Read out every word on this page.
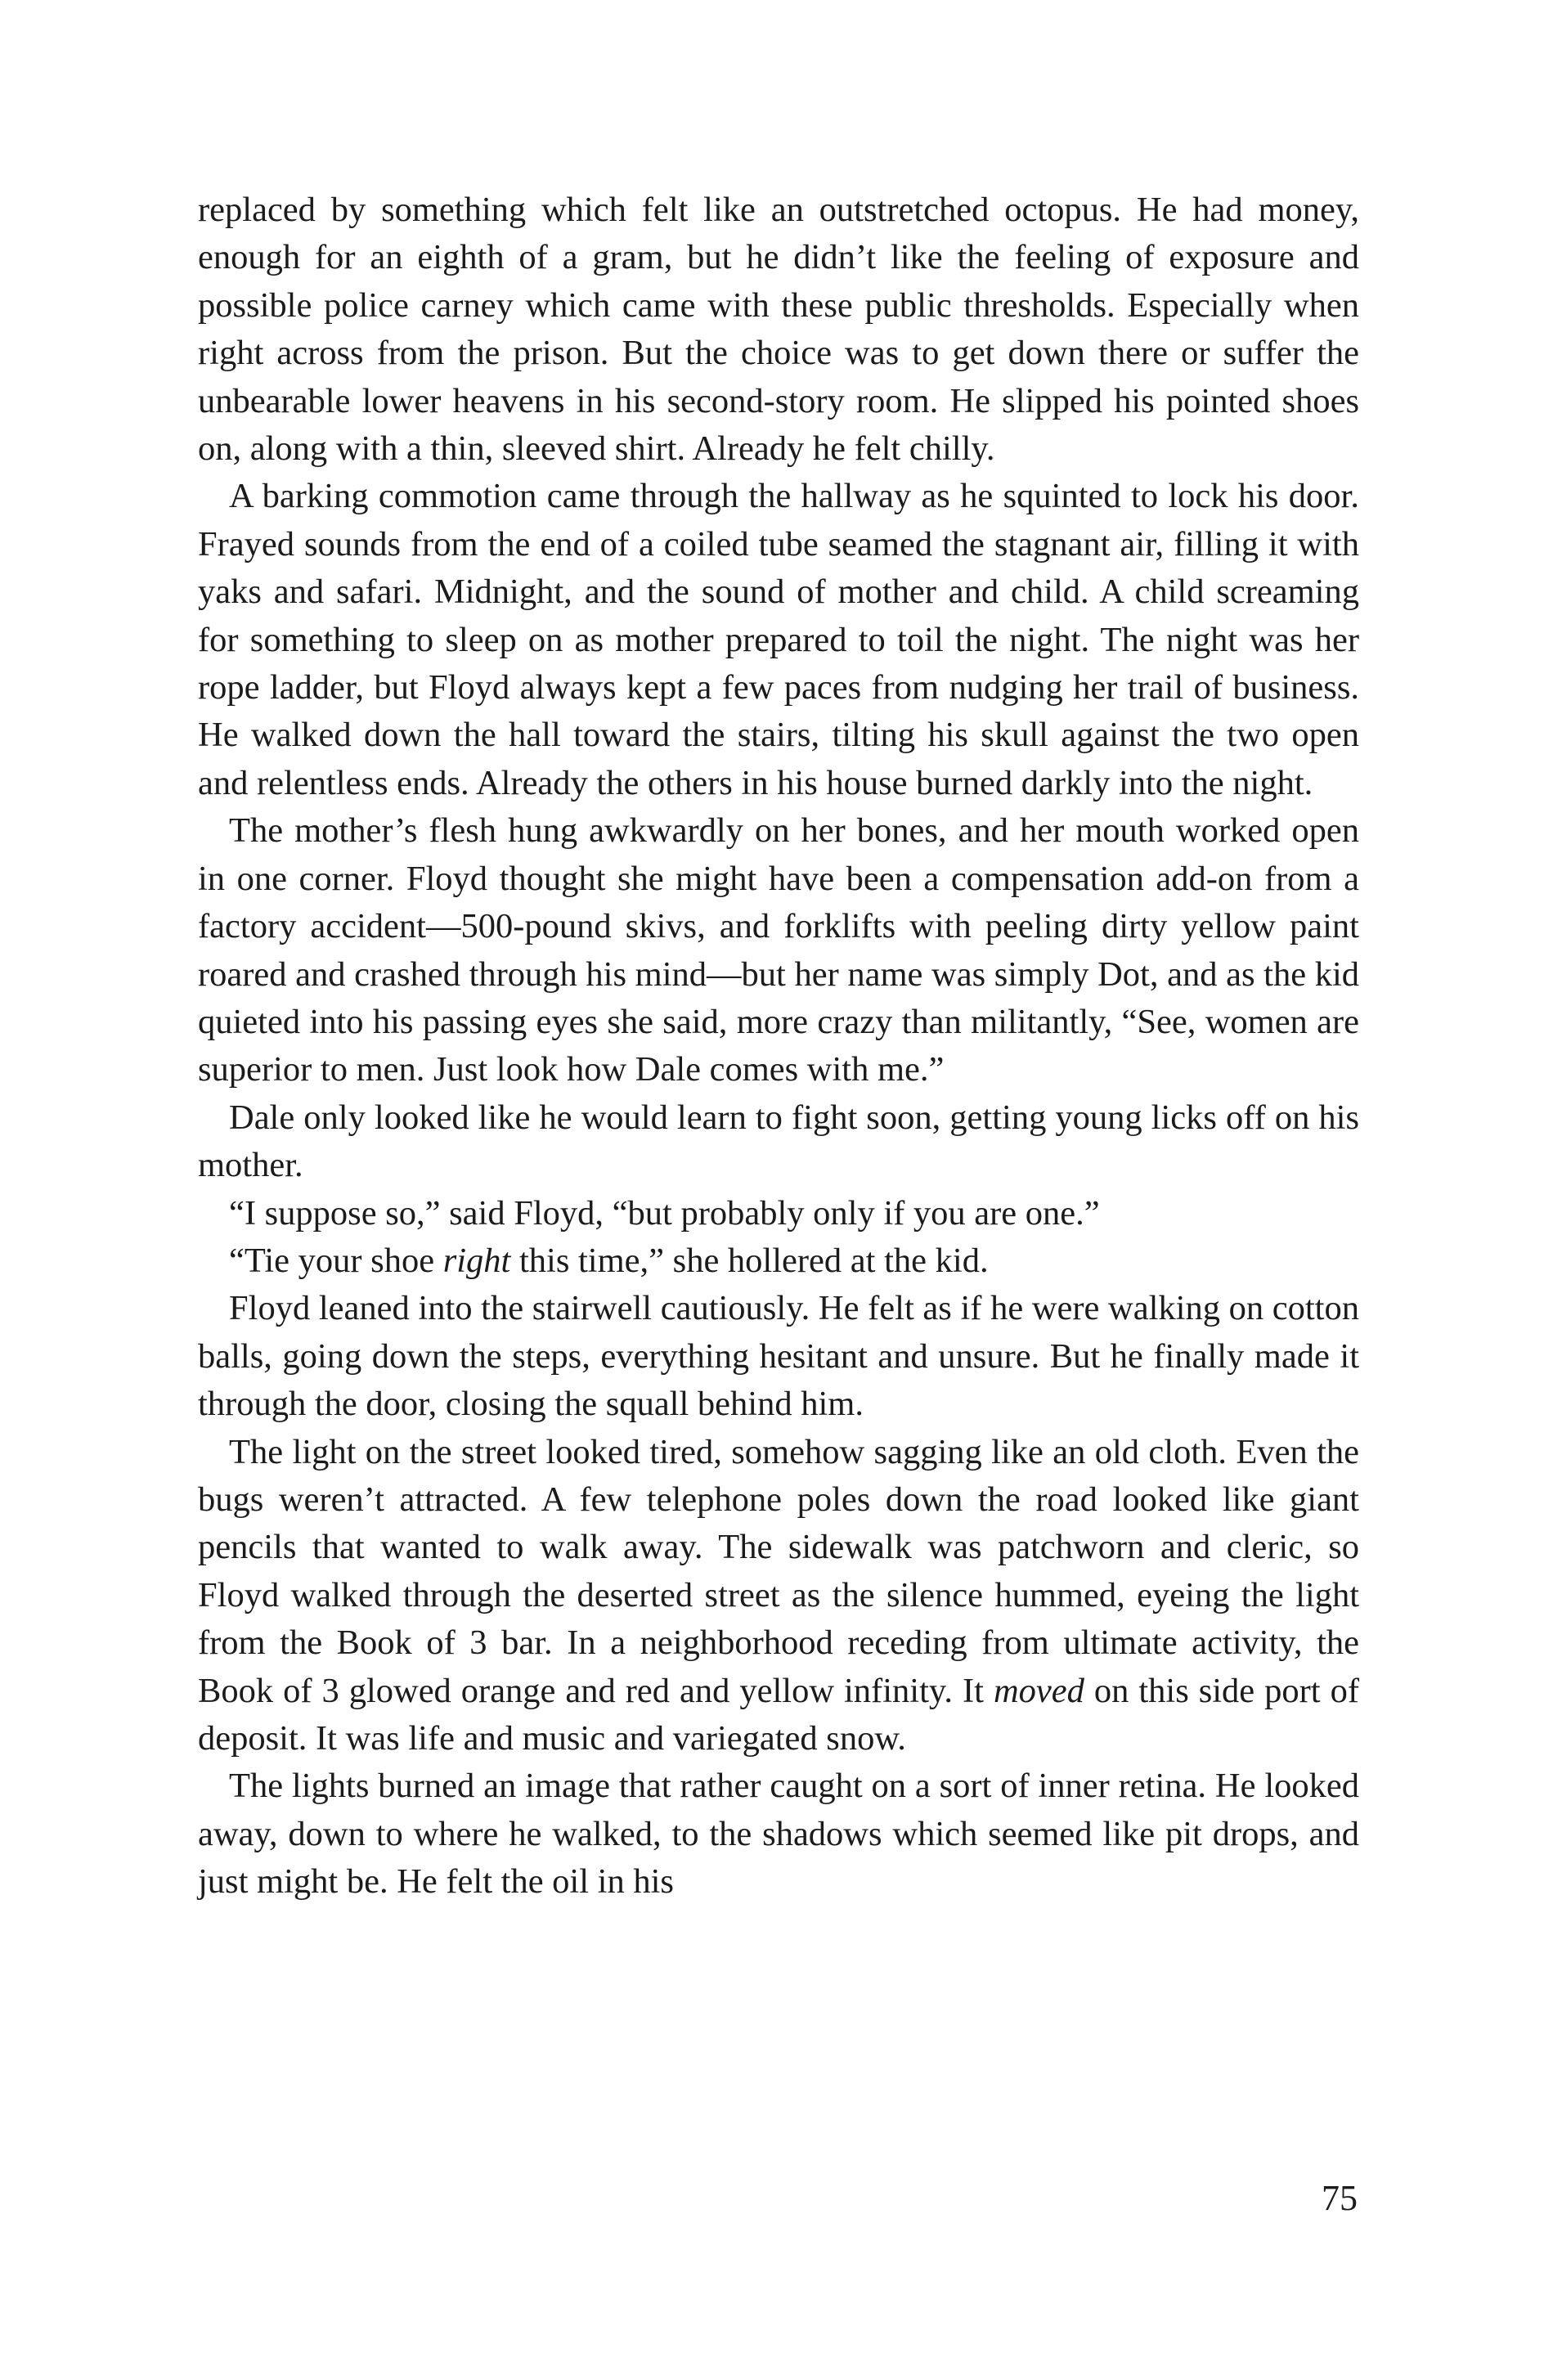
replaced by something which felt like an outstretched octopus. He had money, enough for an eighth of a gram, but he didn’t like the feeling of exposure and possible police carney which came with these public thresholds. Especially when right across from the prison. But the choice was to get down there or suffer the unbearable lower heavens in his second-story room. He slipped his pointed shoes on, along with a thin, sleeved shirt. Already he felt chilly.

A barking commotion came through the hallway as he squinted to lock his door. Frayed sounds from the end of a coiled tube seamed the stagnant air, filling it with yaks and safari. Midnight, and the sound of mother and child. A child screaming for something to sleep on as mother prepared to toil the night. The night was her rope ladder, but Floyd always kept a few paces from nudging her trail of business. He walked down the hall toward the stairs, tilting his skull against the two open and relentless ends. Already the others in his house burned darkly into the night.

The mother’s flesh hung awkwardly on her bones, and her mouth worked open in one corner. Floyd thought she might have been a compensation add-on from a factory accident—500-pound skivs, and forklifts with peeling dirty yellow paint roared and crashed through his mind—but her name was simply Dot, and as the kid quieted into his passing eyes she said, more crazy than militantly, “See, women are superior to men. Just look how Dale comes with me.”

Dale only looked like he would learn to fight soon, getting young licks off on his mother.

“I suppose so,” said Floyd, “but probably only if you are one.”

“Tie your shoe right this time,” she hollered at the kid.

Floyd leaned into the stairwell cautiously. He felt as if he were walking on cotton balls, going down the steps, everything hesitant and unsure. But he finally made it through the door, closing the squall behind him.

The light on the street looked tired, somehow sagging like an old cloth. Even the bugs weren’t attracted. A few telephone poles down the road looked like giant pencils that wanted to walk away. The sidewalk was patchworn and cleric, so Floyd walked through the deserted street as the silence hummed, eyeing the light from the Book of 3 bar. In a neighborhood receding from ultimate activity, the Book of 3 glowed orange and red and yellow infinity. It moved on this side port of deposit. It was life and music and variegated snow.

The lights burned an image that rather caught on a sort of inner retina. He looked away, down to where he walked, to the shadows which seemed like pit drops, and just might be. He felt the oil in his

75
